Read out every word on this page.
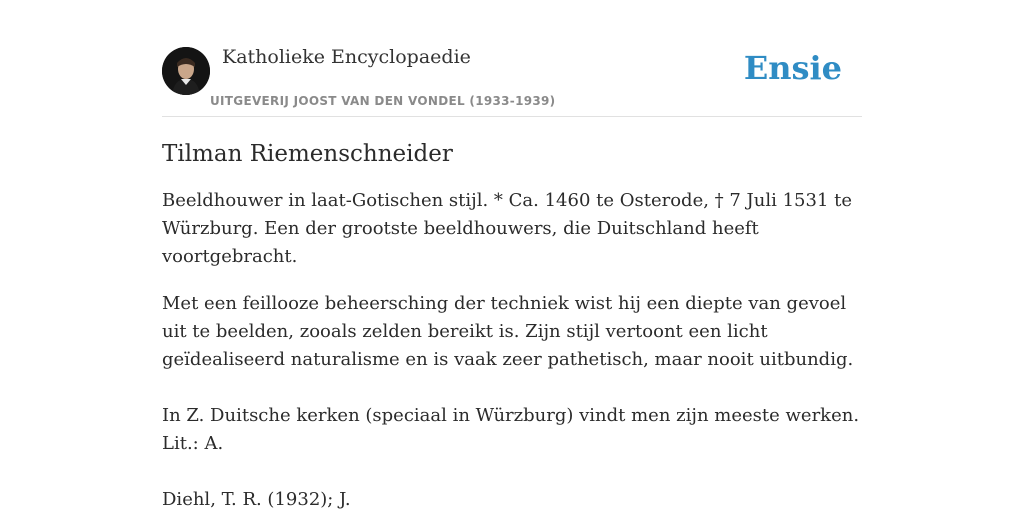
Katholieke Encyclopaedie
UITGEVERIJ JOOST VAN DEN VONDEL (1933-1939)
Ensie
Tilman Riemenschneider

Beeldhouwer in laat-Gotischen stijl. * Ca. 1460 te Osterode, † 7 Juli 1531 te Würzburg. Een der grootste beeldhouwers, die Duitschland heeft voortgebracht.

Met een feillooze beheersching der techniek wist hij een diepte van gevoel uit te beelden, zooals zelden bereikt is. Zijn stijl vertoont een licht geïdealiseerd naturalisme en is vaak zeer pathetisch, maar nooit uitbundig.

In Z. Duitsche kerken (speciaal in Würzburg) vindt men zijn meeste werken. Lit.: A.

Diehl, T. R. (1932); J.
